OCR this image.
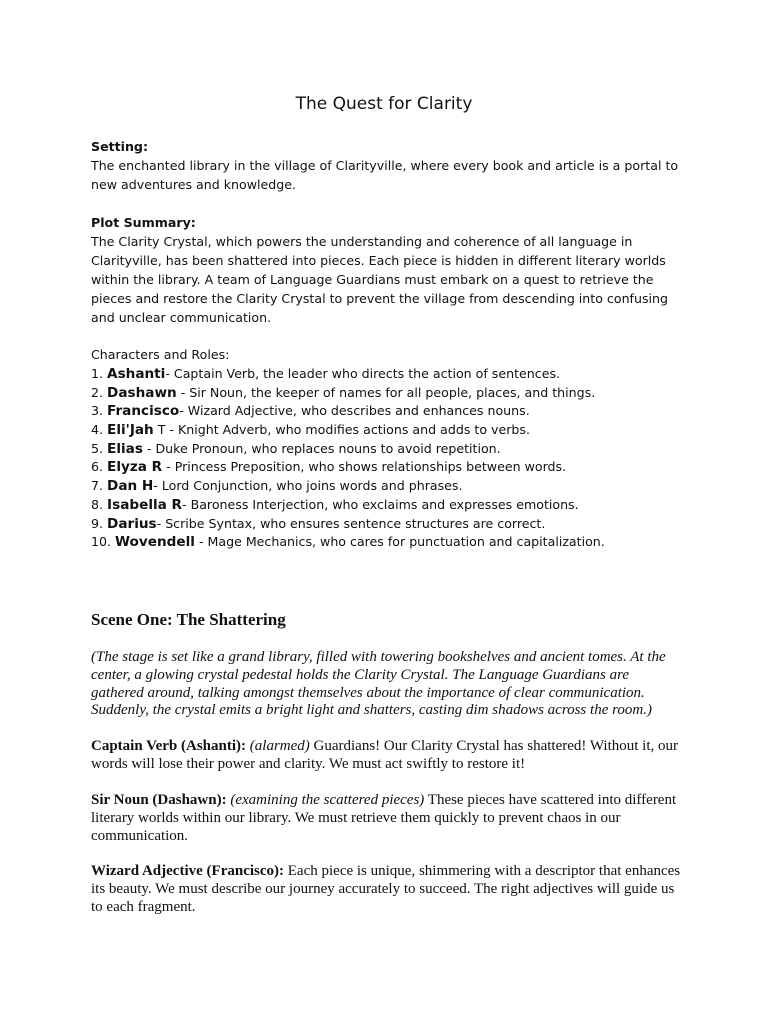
The Quest for Clarity
Setting:
The enchanted library in the village of Clarityville, where every book and article is a portal to new adventures and knowledge.
Plot Summary:
The Clarity Crystal, which powers the understanding and coherence of all language in Clarityville, has been shattered into pieces. Each piece is hidden in different literary worlds within the library. A team of Language Guardians must embark on a quest to retrieve the pieces and restore the Clarity Crystal to prevent the village from descending into confusing and unclear communication.
Characters and Roles:
1. Ashanti- Captain Verb, the leader who directs the action of sentences.
2. Dashawn - Sir Noun, the keeper of names for all people, places, and things.
3. Francisco- Wizard Adjective, who describes and enhances nouns.
4. Eli'Jah T - Knight Adverb, who modifies actions and adds to verbs.
5. Elias - Duke Pronoun, who replaces nouns to avoid repetition.
6. Elyza R - Princess Preposition, who shows relationships between words.
7. Dan H- Lord Conjunction, who joins words and phrases.
8. Isabella R- Baroness Interjection, who exclaims and expresses emotions.
9. Darius- Scribe Syntax, who ensures sentence structures are correct.
10. Wovendell - Mage Mechanics, who cares for punctuation and capitalization.
Scene One: The Shattering

(The stage is set like a grand library, filled with towering bookshelves and ancient tomes. At the center, a glowing crystal pedestal holds the Clarity Crystal. The Language Guardians are gathered around, talking amongst themselves about the importance of clear communication. Suddenly, the crystal emits a bright light and shatters, casting dim shadows across the room.)

Captain Verb (Ashanti): (alarmed) Guardians! Our Clarity Crystal has shattered! Without it, our words will lose their power and clarity. We must act swiftly to restore it!

Sir Noun (Dashawn): (examining the scattered pieces) These pieces have scattered into different literary worlds within our library. We must retrieve them quickly to prevent chaos in our communication.

Wizard Adjective (Francisco): Each piece is unique, shimmering with a descriptor that enhances its beauty. We must describe our journey accurately to succeed. The right adjectives will guide us to each fragment.
